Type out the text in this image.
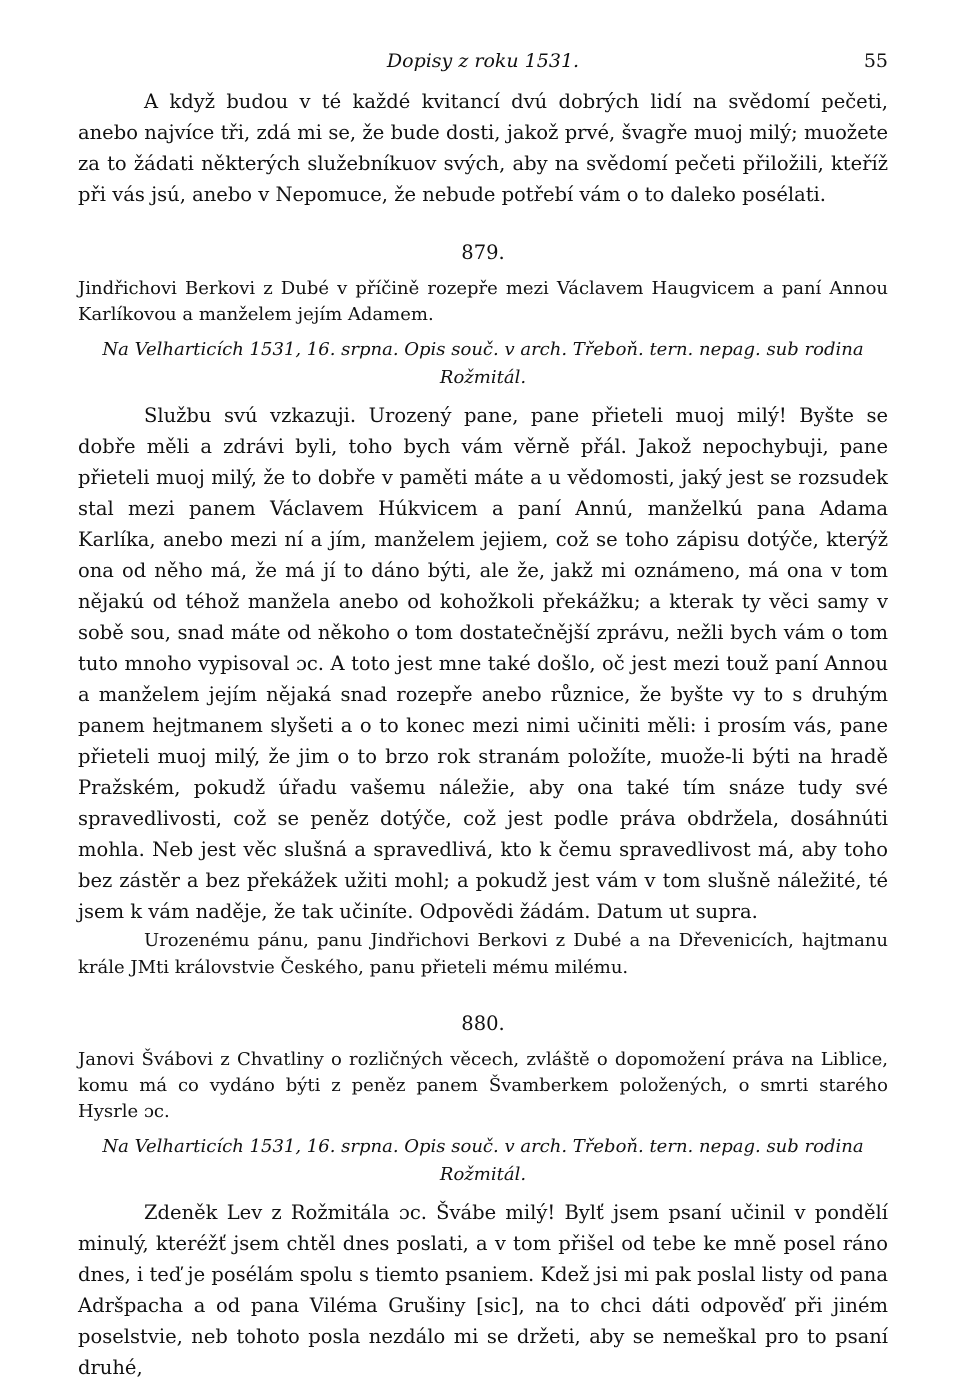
Dopisy z roku 1531.	55

A když budou v té každé kvitancí dvú dobrých lidí na svědomí pečeti, anebo najvíce tři, zdá mi se, že bude dosti, jakož prvé, švagře muoj milý; muožete za to žádati některých služebníkuov svých, aby na svědomí pečeti přiložili, kteříž při vás jsú, anebo v Nepomuce, že nebude potřebí vám o to daleko posélati.

879.

Jindřichovi Berkovi z Dubé v příčině rozepře mezi Václavem Haugvicem a paní Annou Karlíkovou a manželem jejím Adamem.

Na Velharticích 1531, 16. srpna. Opis souč. v arch. Třeboň. tern. nepag. sub rodina Rožmitál.

Službu svú vzkazuji. Urozený pane, pane přieteli muoj milý! Byšte se dobře měli a zdrávi byli, toho bych vám věrně přál. Jakož nepochybuji, pane přieteli muoj milý, že to dobře v paměti máte a u vědomosti, jaký jest se rozsudek stal mezi panem Václavem Húkvicem a paní Annú, manželkú pana Adama Karlíka, anebo mezi ní a jím, manželem jejiem, což se toho zápisu dotýče, kterýž ona od něho má, že má jí to dáno býti, ale že, jakž mi oznámeno, má ona v tom nějakú od téhož manžela anebo od kohožkoli překážku; a kterak ty věci samy v sobě sou, snad máte od někoho o tom dostatečnější zprávu, nežli bych vám o tom tuto mnoho vypisoval ɔc. A toto jest mne také došlo, oč jest mezi touž paní Annou a manželem jejím nějaká snad rozepře anebo různice, že byšte vy to s druhým panem hejtmanem slyšeti a o to konec mezi nimi učiniti měli: i prosím vás, pane přieteli muoj milý, že jim o to brzo rok stranám položíte, muože-li býti na hradě Pražském, pokudž úřadu vašemu náležie, aby ona také tím snáze tudy své spravedlivosti, což se peněz dotýče, což jest podle práva obdržela, dosáhnúti mohla. Neb jest věc slušná a spravedlivá, kto k čemu spravedlivost má, aby toho bez zástěr a bez překážek užiti mohl; a pokudž jest vám v tom slušně náležité, té jsem k vám naděje, že tak učiníte. Odpovědi žádám. Datum ut supra.

Urozenému pánu, panu Jindřichovi Berkovi z Dubé a na Dřevenicích, hajtmanu krále JMti královstvie Českého, panu přieteli mému milému.

880.

Janovi Švábovi z Chvatliny o rozličných věcech, zvláště o dopomožení práva na Liblice, komu má co vydáno býti z peněz panem Švamberkem položených, o smrti starého Hysrle ɔc.

Na Velharticích 1531, 16. srpna. Opis souč. v arch. Třeboň. tern. nepag. sub rodina Rožmitál.

Zdeněk Lev z Rožmitála ɔc. Švábe milý! Bylť jsem psaní učinil v pondělí minulý, kteréžť jsem chtěl dnes poslati, a v tom přišel od tebe ke mně posel ráno dnes, i teď je posélám spolu s tiemto psaniem. Kdež jsi mi pak poslal listy od pana Adršpacha a od pana Viléma Grušiny [sic], na to chci dáti odpověď při jiném poselstvie, neb tohoto posla nezdálo mi se držeti, aby se nemeškal pro to psaní druhé,
